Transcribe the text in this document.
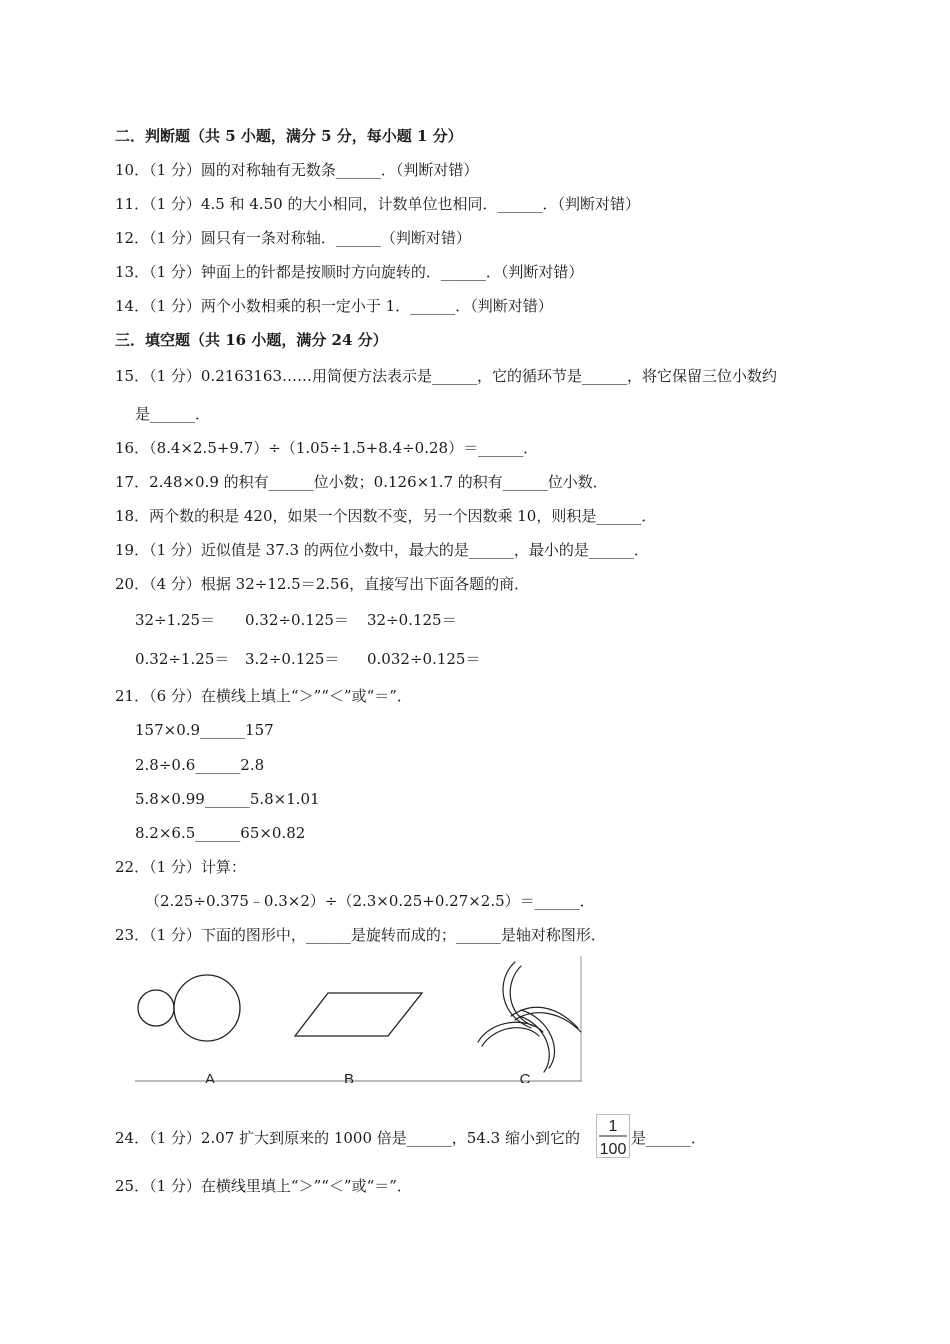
二．判断题（共 5 小题，满分 5 分，每小题 1 分）
10．（1 分）圆的对称轴有无数条______．（判断对错）
11．（1 分）4.5 和 4.50 的大小相同，计数单位也相同．______．（判断对错）
12．（1 分）圆只有一条对称轴．______（判断对错）
13．（1 分）钟面上的针都是按顺时方向旋转的．______．（判断对错）
14．（1 分）两个小数相乘的积一定小于 1．______．（判断对错）
三．填空题（共 16 小题，满分 24 分）
15．（1 分）0.2163163……用简便方法表示是______，它的循环节是______，将它保留三位小数约
是______．
16．（8.4×2.5+9.7）÷（1.05÷1.5+8.4÷0.28）＝______．
17．2.48×0.9 的积有______位小数；0.126×1.7 的积有______位小数．
18．两个数的积是 420，如果一个因数不变，另一个因数乘 10，则积是______．
19．（1 分）近似值是 37.3 的两位小数中，最大的是______，最小的是______．
20．（4 分）根据 32÷12.5＝2.56，直接写出下面各题的商．
32÷1.25＝ 0.32÷0.125＝ 32÷0.125＝
0.32÷1.25＝ 3.2÷0.125＝ 0.032÷0.125＝
21．（6 分）在横线上填上“＞”“＜”或“＝”．
157×0.9______157
2.8÷0.6______2.8
5.8×0.99______5.8×1.01
8.2×6.5______65×0.82
22．（1 分）计算：
（2.25÷0.375﹣0.3×2）÷（2.3×0.25+0.27×2.5）＝______．
23．（1 分）下面的图形中，______是旋转而成的；______是轴对称图形．
A	B	C
24．（1 分）2.07 扩大到原来的 1000 倍是______，54.3 缩小到它的
1
100
是______．
25．（1 分）在横线里填上“＞”“＜”或“＝”．
